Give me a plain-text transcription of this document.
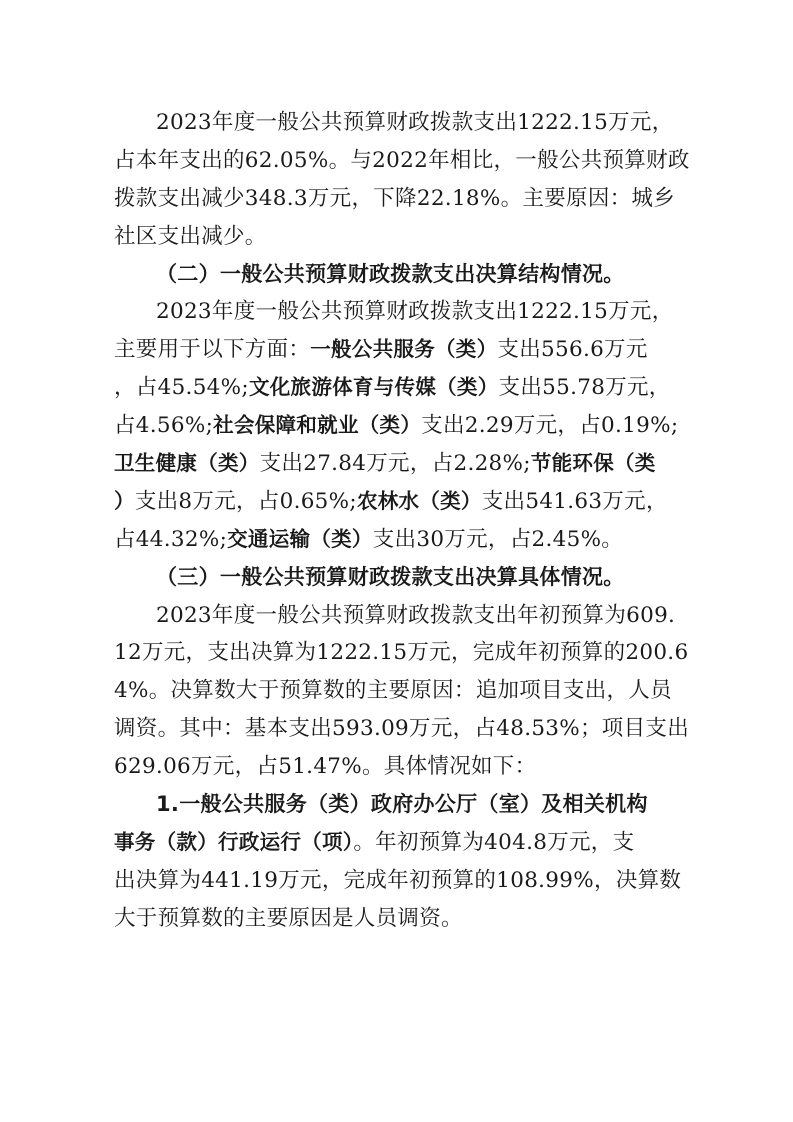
2023年度一般公共预算财政拨款支出1222.15万元，
占本年支出的62.05%。与2022年相比，一般公共预算财政
拨款支出减少348.3万元，下降22.18%。主要原因：城乡
社区支出减少。
（二）一般公共预算财政拨款支出决算结构情况。
2023年度一般公共预算财政拨款支出1222.15万元，
主要用于以下方面：一般公共服务（类）支出556.6万元
，占45.54%;文化旅游体育与传媒（类）支出55.78万元，
占4.56%;社会保障和就业（类）支出2.29万元，占0.19%;
卫生健康（类）支出27.84万元，占2.28%;节能环保（类
）支出8万元，占0.65%;农林水（类）支出541.63万元，
占44.32%;交通运输（类）支出30万元，占2.45%。
（三）一般公共预算财政拨款支出决算具体情况。
2023年度一般公共预算财政拨款支出年初预算为609.
12万元，支出决算为1222.15万元，完成年初预算的200.6
4%。决算数大于预算数的主要原因：追加项目支出，人员
调资。其中：基本支出593.09万元，占48.53%；项目支出
629.06万元，占51.47%。具体情况如下：
1.一般公共服务（类）政府办公厅（室）及相关机构
事务（款）行政运行（项）。年初预算为404.8万元，支
出决算为441.19万元，完成年初预算的108.99%，决算数
大于预算数的主要原因是人员调资。
